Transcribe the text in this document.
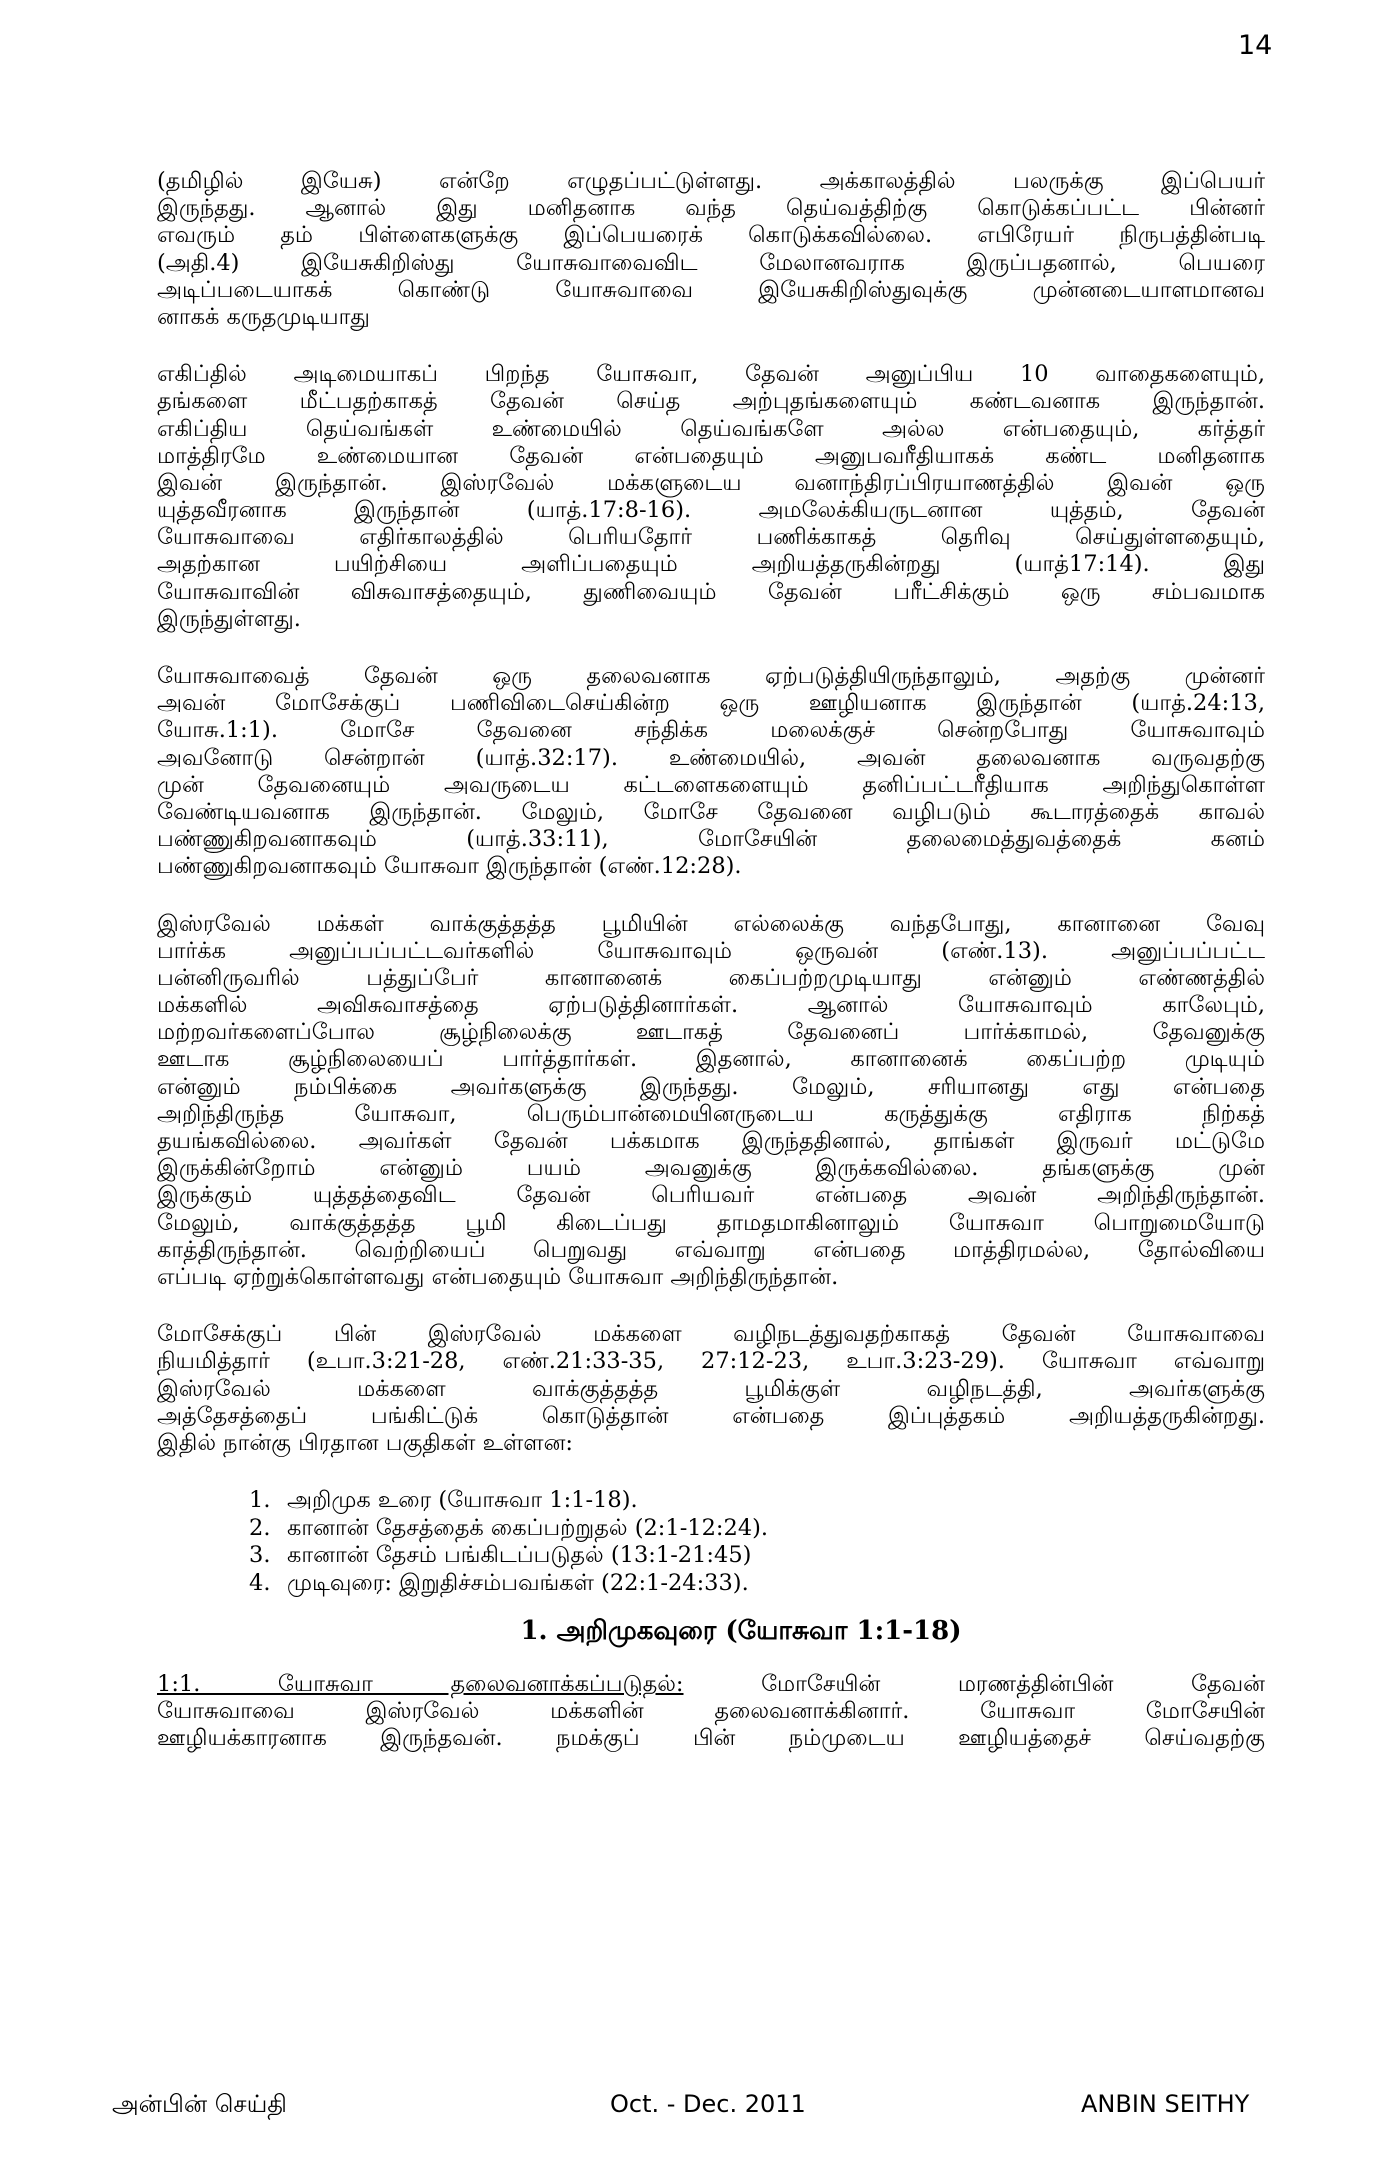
14
(தமிழில் இயேசு) என்றே எழுதப்பட்டுள்ளது. அக்காலத்தில் பலருக்கு இப்பெயர்
இருந்தது. ஆனால் இது மனிதனாக வந்த தெய்வத்திற்கு கொடுக்கப்பட்ட பின்னர்
எவரும் தம் பிள்ளைகளுக்கு இப்பெயரைக் கொடுக்கவில்லை. எபிரேயர் நிருபத்தின்படி
(அதி.4) இயேசுகிறிஸ்து யோசுவாவைவிட மேலானவராக இருப்பதனால், பெயரை
அடிப்படையாகக் கொண்டு யோசுவாவை இயேசுகிறிஸ்துவுக்கு முன்னடையாளமானவ
னாகக் கருதமுடியாது
எகிப்தில் அடிமையாகப் பிறந்த யோசுவா, தேவன் அனுப்பிய 10 வாதைகளையும்,
தங்களை மீட்பதற்காகத் தேவன் செய்த அற்புதங்களையும் கண்டவனாக இருந்தான்.
எகிப்திய தெய்வங்கள் உண்மையில் தெய்வங்களே அல்ல என்பதையும், கர்த்தர்
மாத்திரமே உண்மையான தேவன் என்பதையும் அனுபவரீதியாகக் கண்ட மனிதனாக
இவன் இருந்தான். இஸ்ரவேல் மக்களுடைய வனாந்திரப்பிரயாணத்தில் இவன் ஒரு
யுத்தவீரனாக இருந்தான் (யாத்.17:8-16). அமலேக்கியருடனான யுத்தம், தேவன்
யோசுவாவை எதிர்காலத்தில் பெரியதோர் பணிக்காகத் தெரிவு செய்துள்ளதையும்,
அதற்கான பயிற்சியை அளிப்பதையும் அறியத்தருகின்றது (யாத்17:14). இது
யோசுவாவின் விசுவாசத்தையும், துணிவையும் தேவன் பரீட்சிக்கும் ஒரு சம்பவமாக
இருந்துள்ளது.
யோசுவாவைத் தேவன் ஒரு தலைவனாக ஏற்படுத்தியிருந்தாலும், அதற்கு முன்னர்
அவன் மோசேக்குப் பணிவிடைசெய்கின்ற ஒரு ஊழியனாக இருந்தான் (யாத்.24:13,
யோசு.1:1). மோசே தேவனை சந்திக்க மலைக்குச் சென்றபோது யோசுவாவும்
அவனோடு சென்றான் (யாத்.32:17). உண்மையில், அவன் தலைவனாக வருவதற்கு
முன் தேவனையும் அவருடைய கட்டளைகளையும் தனிப்பட்டரீதியாக அறிந்துகொள்ள
வேண்டியவனாக இருந்தான். மேலும், மோசே தேவனை வழிபடும் கூடாரத்தைக் காவல்
பண்ணுகிறவனாகவும் (யாத்.33:11), மோசேயின் தலைமைத்துவத்தைக் கனம்
பண்ணுகிறவனாகவும் யோசுவா இருந்தான் (எண்.12:28).
இஸ்ரவேல் மக்கள் வாக்குத்தத்த பூமியின் எல்லைக்கு வந்தபோது, கானானை வேவு
பார்க்க அனுப்பப்பட்டவர்களில் யோசுவாவும் ஒருவன் (எண்.13). அனுப்பப்பட்ட
பன்னிருவரில் பத்துப்பேர் கானானைக் கைப்பற்றமுடியாது என்னும் எண்ணத்தில்
மக்களில் அவிசுவாசத்தை ஏற்படுத்தினார்கள். ஆனால் யோசுவாவும் காலேபும்,
மற்றவர்களைப்போல சூழ்நிலைக்கு ஊடாகத் தேவனைப் பார்க்காமல், தேவனுக்கு
ஊடாக சூழ்நிலையைப் பார்த்தார்கள். இதனால், கானானைக் கைப்பற்ற முடியும்
என்னும் நம்பிக்கை அவர்களுக்கு இருந்தது. மேலும், சரியானது எது என்பதை
அறிந்திருந்த யோசுவா, பெரும்பான்மையினருடைய கருத்துக்கு எதிராக நிற்கத்
தயங்கவில்லை. அவர்கள் தேவன் பக்கமாக இருந்ததினால், தாங்கள் இருவர் மட்டுமே
இருக்கின்றோம் என்னும் பயம் அவனுக்கு இருக்கவில்லை. தங்களுக்கு முன்
இருக்கும் யுத்தத்தைவிட தேவன் பெரியவர் என்பதை அவன் அறிந்திருந்தான்.
மேலும், வாக்குத்தத்த பூமி கிடைப்பது தாமதமாகினாலும் யோசுவா பொறுமையோடு
காத்திருந்தான். வெற்றியைப் பெறுவது எவ்வாறு என்பதை மாத்திரமல்ல, தோல்வியை
எப்படி ஏற்றுக்கொள்ளவது என்பதையும் யோசுவா அறிந்திருந்தான்.
மோசேக்குப் பின் இஸ்ரவேல் மக்களை வழிநடத்துவதற்காகத் தேவன் யோசுவாவை
நியமித்தார் (உபா.3:21-28, எண்.21:33-35, 27:12-23, உபா.3:23-29). யோசுவா எவ்வாறு
இஸ்ரவேல் மக்களை வாக்குத்தத்த பூமிக்குள் வழிநடத்தி, அவர்களுக்கு
அத்தேசத்தைப் பங்கிட்டுக் கொடுத்தான் என்பதை இப்புத்தகம் அறியத்தருகின்றது.
இதில் நான்கு பிரதான பகுதிகள் உள்ளன:
1. அறிமுக உரை (யோசுவா 1:1-18).
2. கானான் தேசத்தைக் கைப்பற்றுதல் (2:1-12:24).
3. கானான் தேசம் பங்கிடப்படுதல் (13:1-21:45)
4. முடிவுரை: இறுதிச்சம்பவங்கள் (22:1-24:33).
1. அறிமுகவுரை (யோசுவா 1:1-18)
1:1. யோசுவா தலைவனாக்கப்படுதல்:	மோசேயின் மரணத்தின்பின் தேவன்
யோசுவாவை இஸ்ரவேல் மக்களின் தலைவனாக்கினார். யோசுவா மோசேயின்
ஊழியக்காரனாக இருந்தவன். நமக்குப் பின் நம்முடைய ஊழியத்தைச் செய்வதற்கு
அன்பின் செய்தி	Oct. - Dec. 2011	ANBIN SEITHY
